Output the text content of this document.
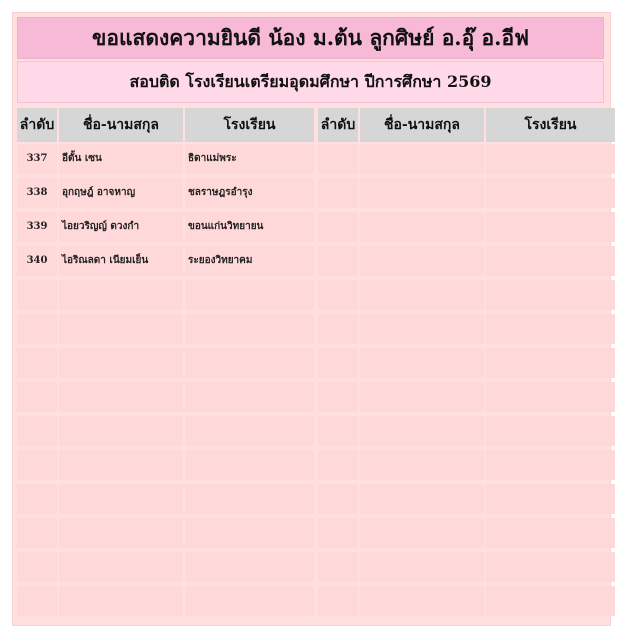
ขอแสดงความยินดี น้อง ม.ต้น ลูกศิษย์ อ.อุ๊ อ.อีฟ
สอบติด โรงเรียนเตรียมอุดมศึกษา ปีการศึกษา 2569
ลำดับ	ชื่อ-นามสกุล	โรงเรียน
337	อีตั้น เซน	ธิดาแม่พระ
338	อุกฤษฎ์ อาจหาญ	ชลราษฎรอำรุง
339	ไอยวริญญ์ ดวงกำ	ขอนแก่นวิทยายน
340	ไอริณลดา เนียมเย็น	ระยองวิทยาคม
ลำดับ	ชื่อ-นามสกุล	โรงเรียน
